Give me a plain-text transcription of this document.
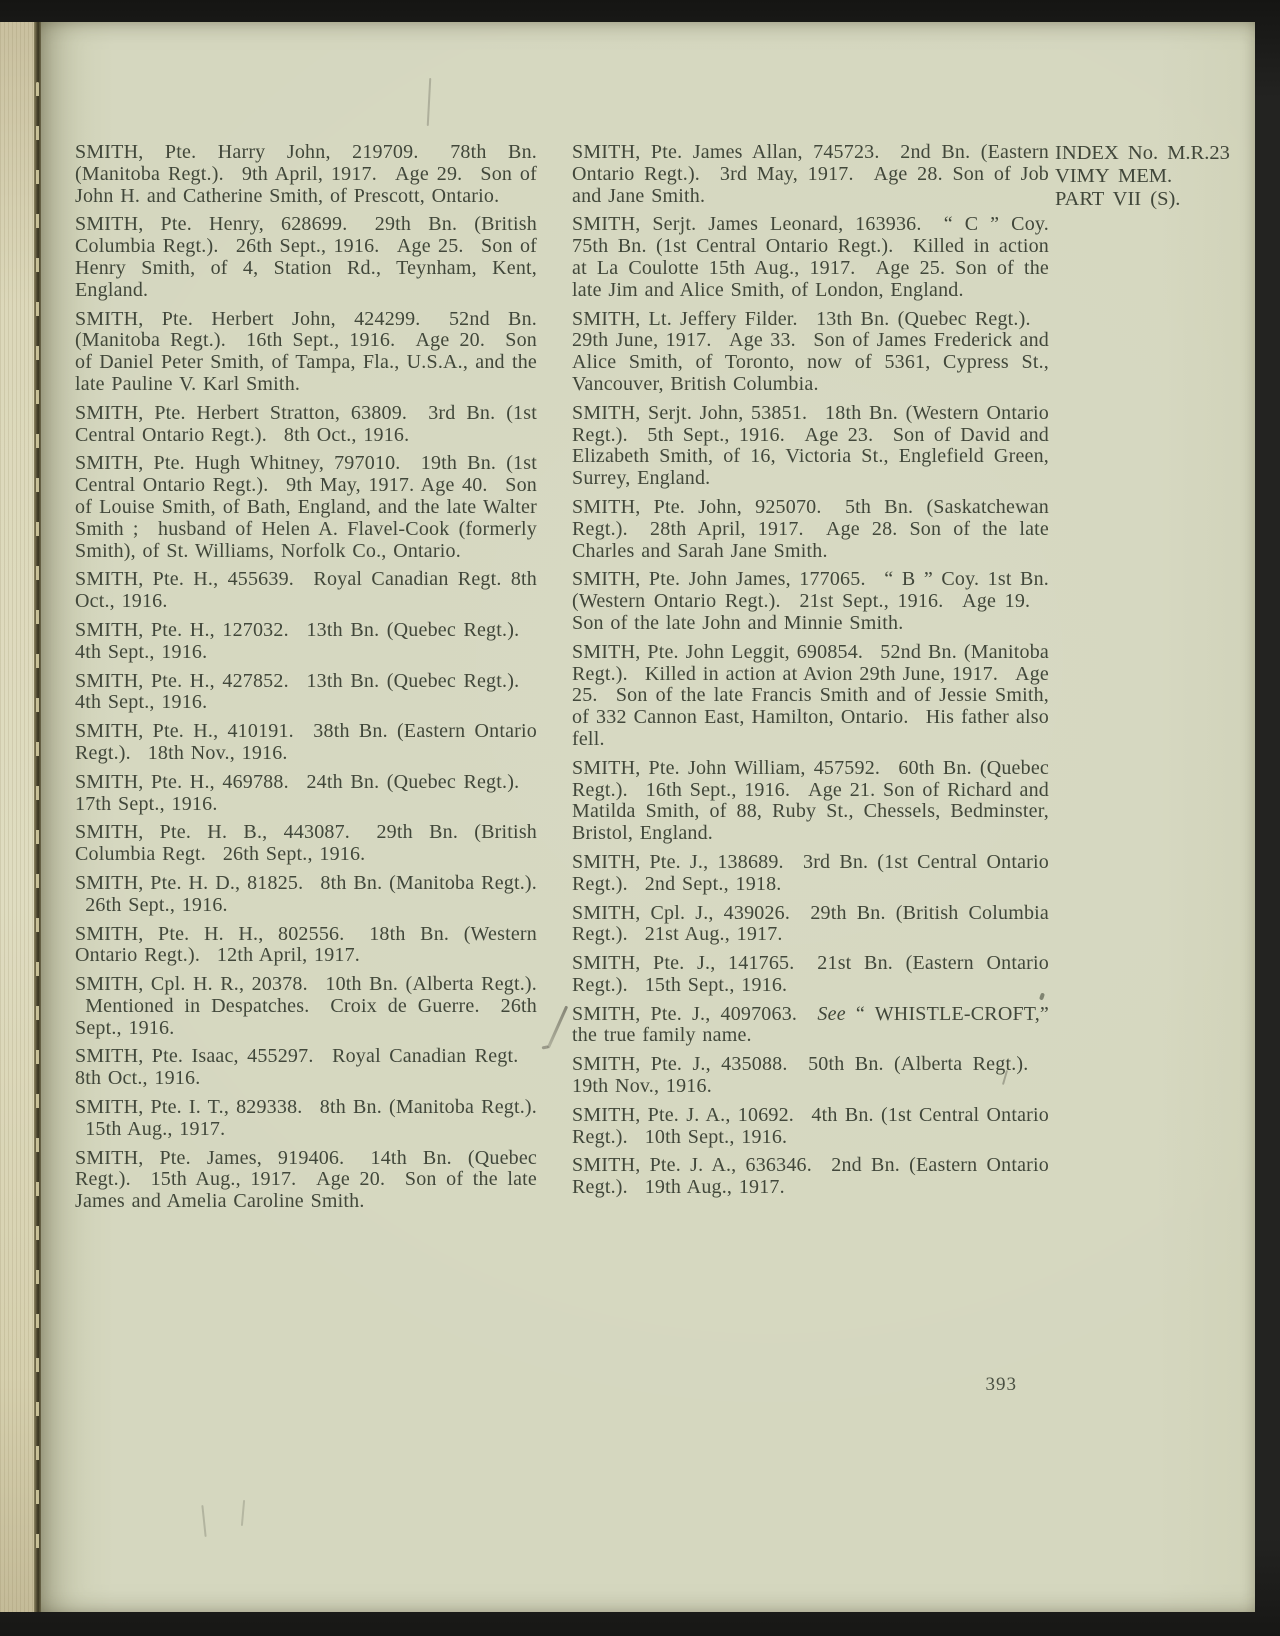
SMITH, Pte. Harry John, 219709.  78th Bn. (Manitoba Regt.).  9th April, 1917.  Age 29.  Son of John H. and Catherine Smith, of Prescott, Ontario.

SMITH, Pte. Henry, 628699.  29th Bn. (British Columbia Regt.).  26th Sept., 1916.  Age 25.  Son of Henry Smith, of 4, Station Rd., Teynham, Kent, England.

SMITH, Pte. Herbert John, 424299.  52nd Bn. (Manitoba Regt.).  16th Sept., 1916.  Age 20.  Son of Daniel Peter Smith, of Tampa, Fla., U.S.A., and the late Pauline V. Karl Smith.

SMITH, Pte. Herbert Stratton, 63809.  3rd Bn. (1st Central Ontario Regt.).  8th Oct., 1916.

SMITH, Pte. Hugh Whitney, 797010.  19th Bn. (1st Central Ontario Regt.).  9th May, 1917. Age 40.  Son of Louise Smith, of Bath, England, and the late Walter Smith ;  husband of Helen A. Flavel-Cook (formerly Smith), of St. Williams, Norfolk Co., Ontario.

SMITH, Pte. H., 455639.  Royal Canadian Regt. 8th Oct., 1916.

SMITH, Pte. H., 127032.  13th Bn. (Quebec Regt.).  4th Sept., 1916.

SMITH, Pte. H., 427852.  13th Bn. (Quebec Regt.).  4th Sept., 1916.

SMITH, Pte. H., 410191.  38th Bn. (Eastern Ontario Regt.).  18th Nov., 1916.

SMITH, Pte. H., 469788.  24th Bn. (Quebec Regt.).  17th Sept., 1916.

SMITH, Pte. H. B., 443087.  29th Bn. (British Columbia Regt.  26th Sept., 1916.

SMITH, Pte. H. D., 81825.  8th Bn. (Manitoba Regt.).  26th Sept., 1916.

SMITH, Pte. H. H., 802556.  18th Bn. (Western Ontario Regt.).  12th April, 1917.

SMITH, Cpl. H. R., 20378.  10th Bn. (Alberta Regt.).  Mentioned in Despatches.  Croix de Guerre.  26th Sept., 1916.

SMITH, Pte. Isaac, 455297.  Royal Canadian Regt.  8th Oct., 1916.

SMITH, Pte. I. T., 829338.  8th Bn. (Manitoba Regt.).  15th Aug., 1917.

SMITH, Pte. James, 919406.  14th Bn. (Quebec Regt.).  15th Aug., 1917.  Age 20.  Son of the late James and Amelia Caroline Smith.

SMITH, Pte. James Allan, 745723.  2nd Bn. (Eastern Ontario Regt.).  3rd May, 1917.  Age 28. Son of Job and Jane Smith.

SMITH, Serjt. James Leonard, 163936.  “ C ” Coy. 75th Bn. (1st Central Ontario Regt.).  Killed in action at La Coulotte 15th Aug., 1917.  Age 25. Son of the late Jim and Alice Smith, of London, England.

SMITH, Lt. Jeffery Filder.  13th Bn. (Quebec Regt.).  29th June, 1917.  Age 33.  Son of James Frederick and Alice Smith, of Toronto, now of 5361, Cypress St., Vancouver, British Columbia.

SMITH, Serjt. John, 53851.  18th Bn. (Western Ontario Regt.).  5th Sept., 1916.  Age 23.  Son of David and Elizabeth Smith, of 16, Victoria St., Englefield Green, Surrey, England.

SMITH, Pte. John, 925070.  5th Bn. (Saskatchewan Regt.).  28th April, 1917.  Age 28. Son of the late Charles and Sarah Jane Smith.

SMITH, Pte. John James, 177065.  “ B ” Coy. 1st Bn. (Western Ontario Regt.).  21st Sept., 1916.  Age 19.  Son of the late John and Minnie Smith.

SMITH, Pte. John Leggit, 690854.  52nd Bn. (Manitoba Regt.).  Killed in action at Avion 29th June, 1917.  Age 25.  Son of the late Francis Smith and of Jessie Smith, of 332 Cannon East, Hamilton, Ontario.  His father also fell.

SMITH, Pte. John William, 457592.  60th Bn. (Quebec Regt.).  16th Sept., 1916.  Age 21. Son of Richard and Matilda Smith, of 88, Ruby St., Chessels, Bedminster, Bristol, England.

SMITH, Pte. J., 138689.  3rd Bn. (1st Central Ontario Regt.).  2nd Sept., 1918.

SMITH, Cpl. J., 439026.  29th Bn. (British Columbia Regt.).  21st Aug., 1917.

SMITH, Pte. J., 141765.  21st Bn. (Eastern Ontario Regt.).  15th Sept., 1916.

SMITH, Pte. J., 4097063.  See “ WHISTLE-CROFT,” the true family name.

SMITH, Pte. J., 435088.  50th Bn. (Alberta Regt.).  19th Nov., 1916.

SMITH, Pte. J. A., 10692.  4th Bn. (1st Central Ontario Regt.).  10th Sept., 1916.

SMITH, Pte. J. A., 636346.  2nd Bn. (Eastern Ontario Regt.).  19th Aug., 1917.

INDEX No. M.R.23
VIMY MEM.
PART VII (S).
393
